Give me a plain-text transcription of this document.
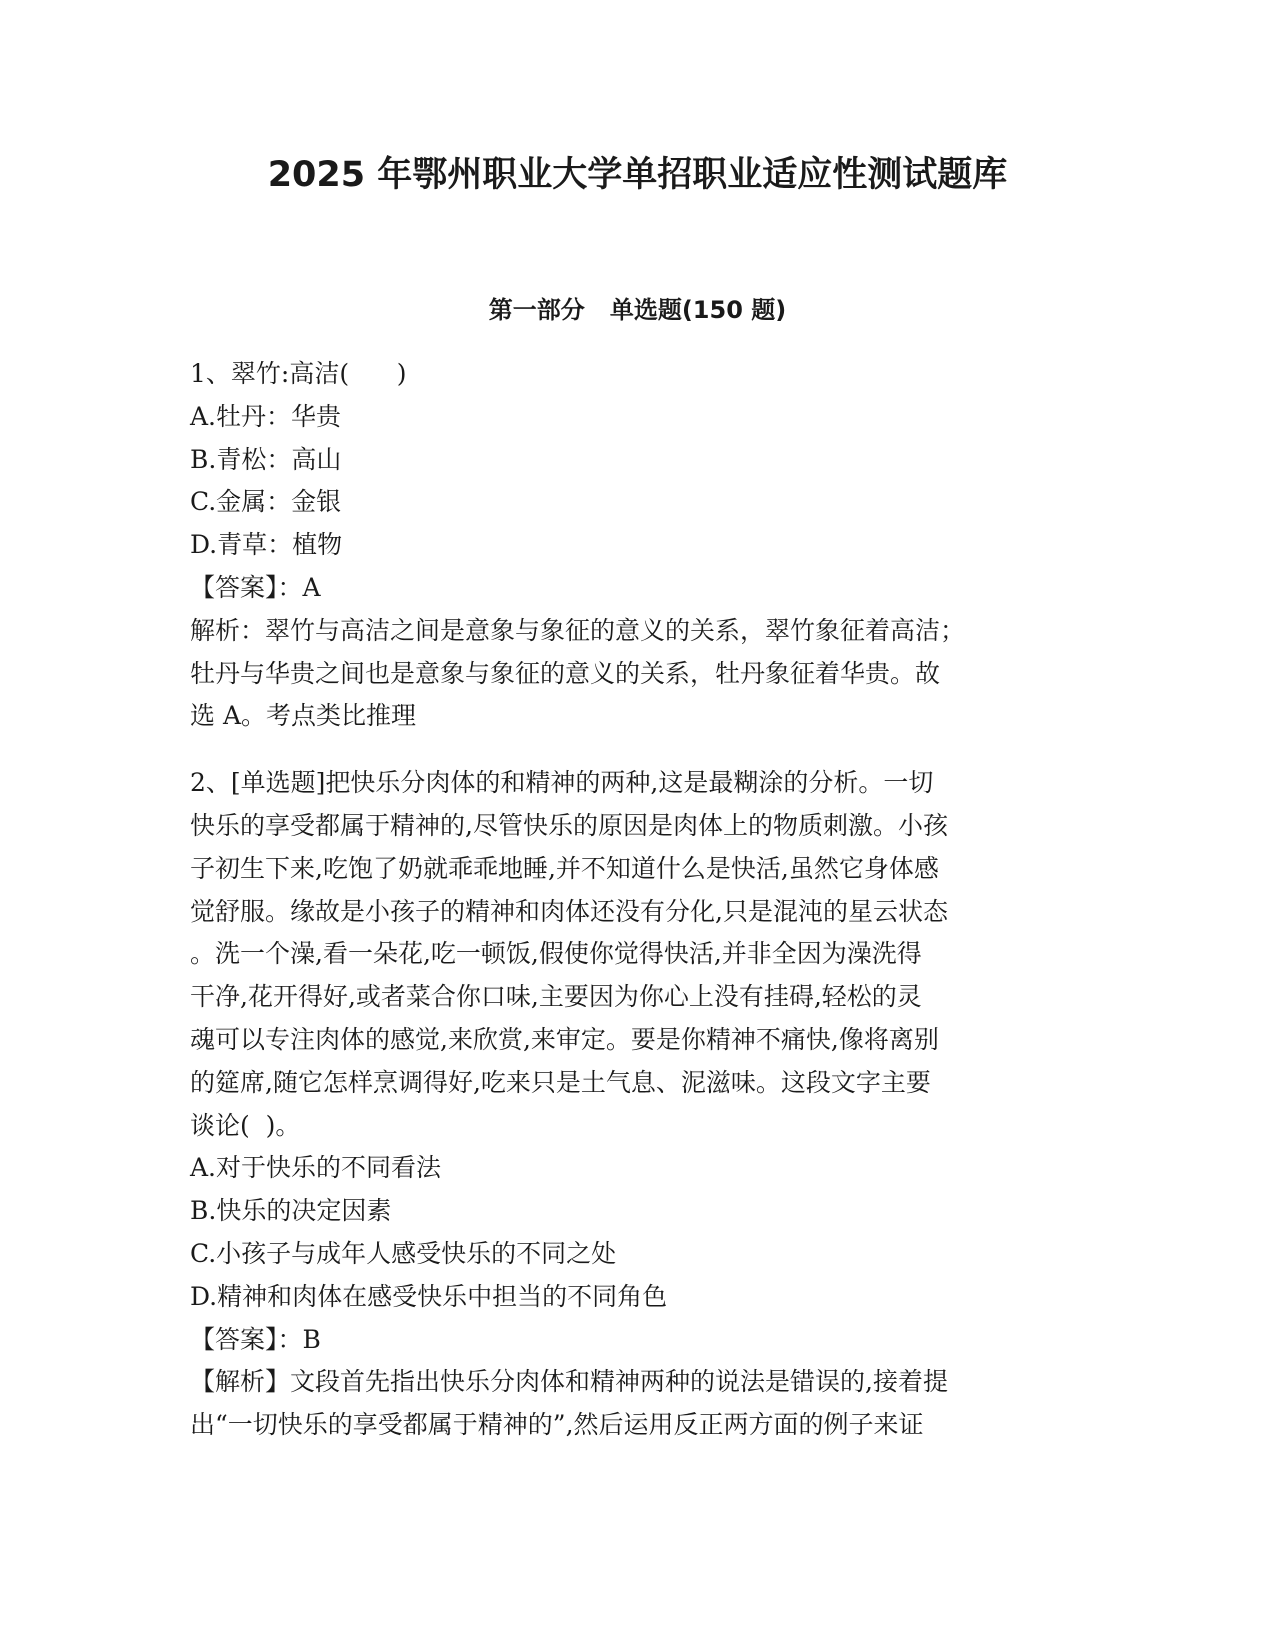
2025 年鄂州职业大学单招职业适应性测试题库
第一部分   单选题(150 题)
1、翠竹:高洁(      )
A.牡丹：华贵
B.青松：高山
C.金属：金银
D.青草：植物
【答案】：A
解析：翠竹与高洁之间是意象与象征的意义的关系，翠竹象征着高洁；
牡丹与华贵之间也是意象与象征的意义的关系，牡丹象征着华贵。故
选 A。考点类比推理
2、[单选题]把快乐分肉体的和精神的两种,这是最糊涂的分析。一切
快乐的享受都属于精神的,尽管快乐的原因是肉体上的物质刺激。小孩
子初生下来,吃饱了奶就乖乖地睡,并不知道什么是快活,虽然它身体感
觉舒服。缘故是小孩子的精神和肉体还没有分化,只是混沌的星云状态
。洗一个澡,看一朵花,吃一顿饭,假使你觉得快活,并非全因为澡洗得
干净,花开得好,或者菜合你口味,主要因为你心上没有挂碍,轻松的灵
魂可以专注肉体的感觉,来欣赏,来审定。要是你精神不痛快,像将离别
的筵席,随它怎样烹调得好,吃来只是土气息、泥滋味。这段文字主要
谈论(  )。
A.对于快乐的不同看法
B.快乐的决定因素
C.小孩子与成年人感受快乐的不同之处
D.精神和肉体在感受快乐中担当的不同角色
【答案】：B
【解析】文段首先指出快乐分肉体和精神两种的说法是错误的,接着提
出“一切快乐的享受都属于精神的”,然后运用反正两方面的例子来证
